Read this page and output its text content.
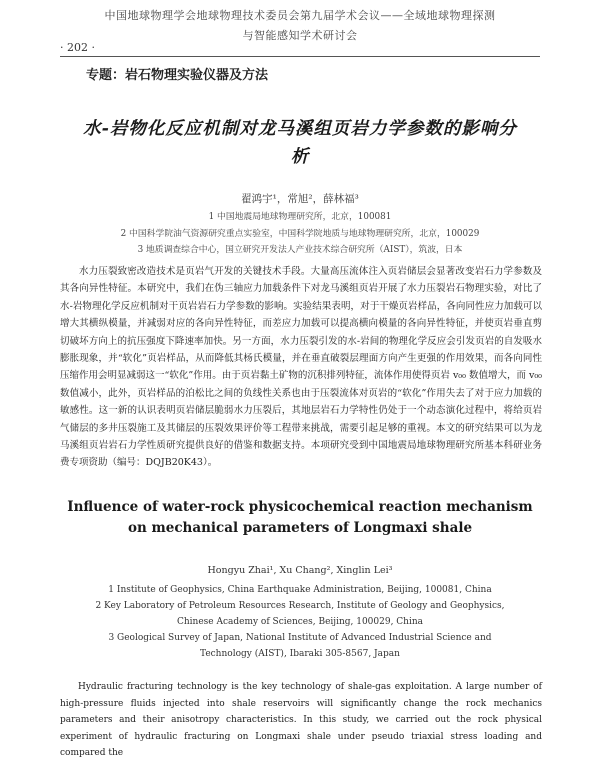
· 202 ·
中国地球物理学会地球物理技术委员会第九届学术会议——全域地球物理探测
与智能感知学术研讨会
专题：岩石物理实验仪器及方法
水-岩物化反应机制对龙马溪组页岩力学参数的影响分析
翟鸿宇¹，常旭²，薛林福³
1 中国地震局地球物理研究所，北京，100081
2 中国科学院油气资源研究重点实验室，中国科学院地质与地球物理研究所，北京，100029
3 地质调查综合中心，国立研究开发法人产业技术综合研究所（AIST），筑波，日本

水力压裂致密改造技术是页岩气开发的关键技术手段。大量高压流体注入页岩储层会显著改变岩石力学参数及其各向异性特征。本研究中，我们在伪三轴应力加载条件下对龙马溪组页岩开展了水力压裂岩石物理实验，对比了水-岩物理化学反应机制对干页岩岩石力学参数的影响。实验结果表明，对于干燥页岩样品，各向同性应力加载可以增大其横纵模量，并减弱对应的各向异性特征，而差应力加载可以提高横向模量的各向异性特征，并使页岩垂直剪切破坏方向上的抗压强度下降速率加快。另一方面，水力压裂引发的水-岩间的物理化学反应会引发页岩的自发吸水膨胀现象，并“软化”页岩样品，从而降低其杨氏模量，并在垂直破裂层理面方向产生更强的作用效果，而各向同性压缩作用会明显减弱这一“软化”作用。由于页岩黏土矿物的沉积排列特征，流体作用使得页岩 v₀₀ 数值增大，而 v₀₀ 数值减小，此外，页岩样品的泊松比之间的负线性关系也由于压裂流体对页岩的“软化”作用失去了对于应力加载的敏感性。这一新的认识表明页岩储层脆弱水力压裂后，其地层岩石力学特性仍处于一个动态演化过程中，将给页岩气储层的多井压裂施工及其储层的压裂效果评价等工程带来挑战，需要引起足够的重视。本文的研究结果可以为龙马溪组页岩岩石力学性质研究提供良好的借鉴和数据支持。本项研究受到中国地震局地球物理研究所基本科研业务费专项资助（编号：DQJB20K43）。

Influence of water-rock physicochemical reaction mechanism on mechanical parameters of Longmaxi shale
Hongyu Zhai¹, Xu Chang², Xinglin Lei³
1 Institute of Geophysics, China Earthquake Administration, Beijing, 100081, China
2 Key Laboratory of Petroleum Resources Research, Institute of Geology and Geophysics,
Chinese Academy of Sciences, Beijing, 100029, China
3 Geological Survey of Japan, National Institute of Advanced Industrial Science and
Technology (AIST), Ibaraki 305-8567, Japan

Hydraulic fracturing technology is the key technology of shale-gas exploitation. A large number of high-pressure fluids injected into shale reservoirs will significantly change the rock mechanics parameters and their anisotropy characteristics. In this study, we carried out the rock physical experiment of hydraulic fracturing on Longmaxi shale under pseudo triaxial stress loading and compared the
